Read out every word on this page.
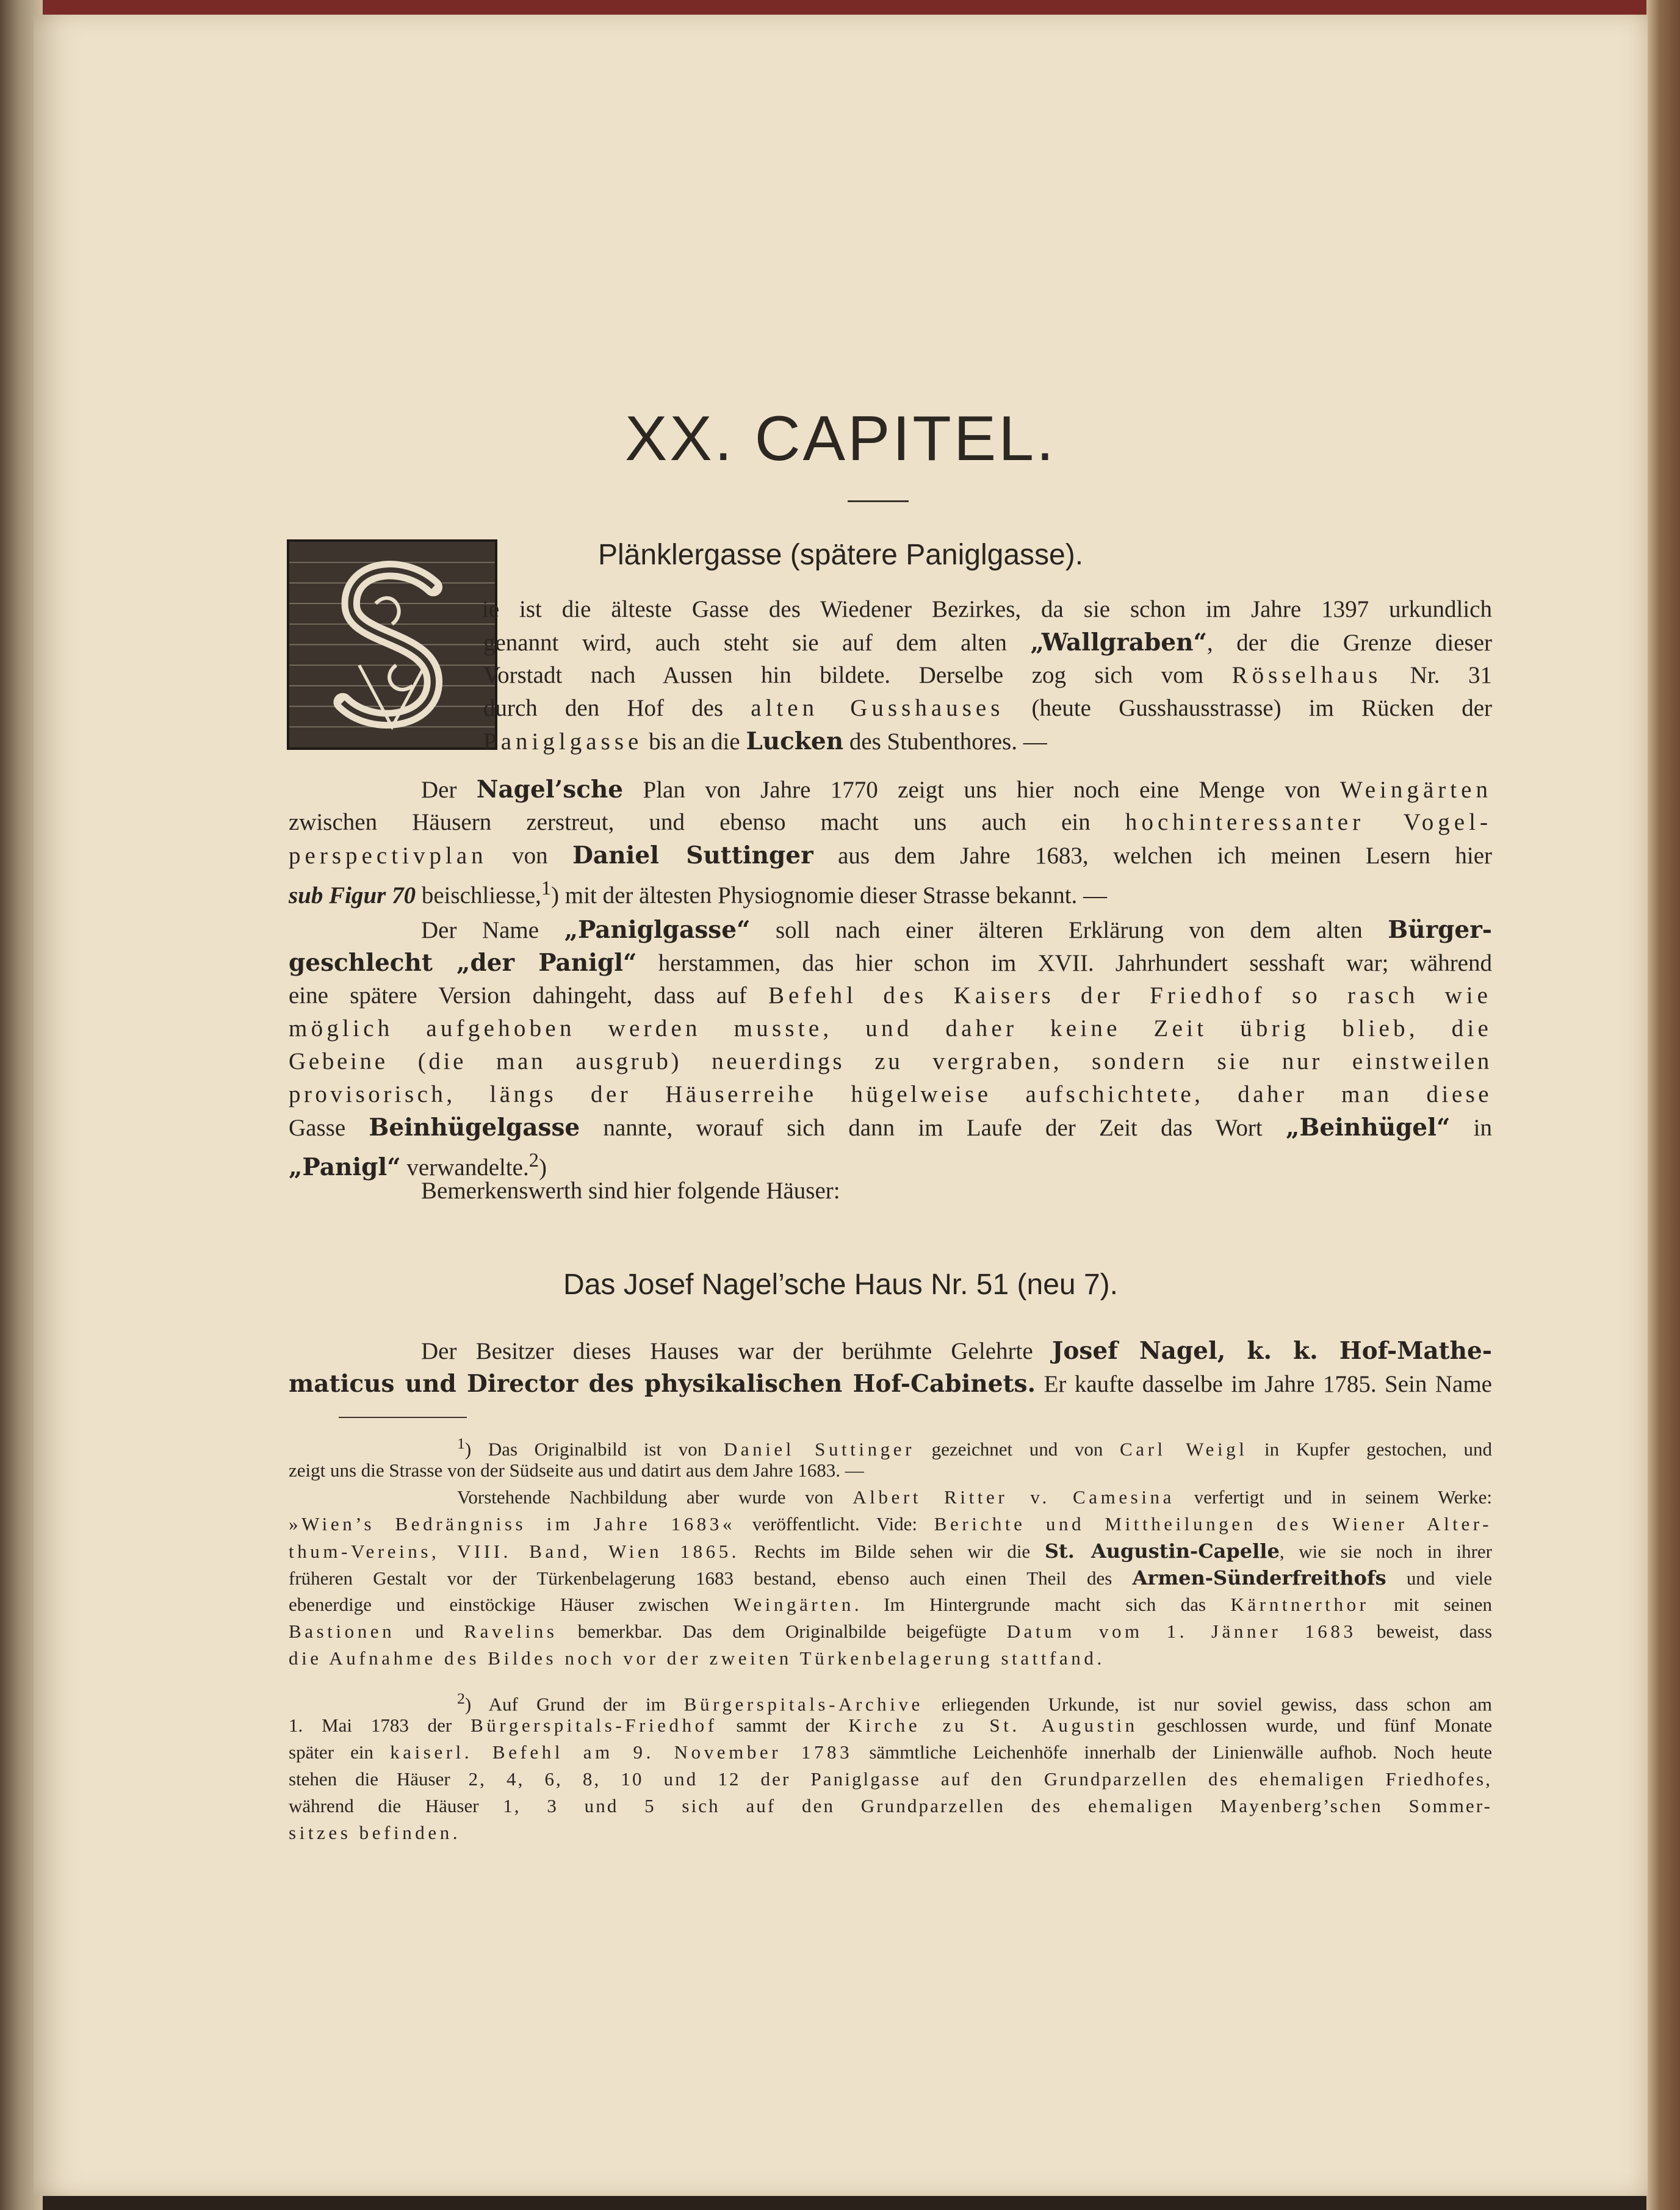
XX. CAPITEL.
Plänklergasse (spätere Paniglgasse).
ie ist die älteste Gasse des Wiedener Bezirkes, da sie schon im Jahre 1397 urkundlich
genannt wird, auch steht sie auf dem alten „Wallgraben“, der die Grenze dieser
Vorstadt nach Aussen hin bildete. Derselbe zog sich vom Rösselhaus Nr. 31
durch den Hof des alten Gusshauses (heute Gusshausstrasse) im Rücken der
Paniglgasse bis an die Lucken des Stubenthores. —
Der Nagel’sche Plan von Jahre 1770 zeigt uns hier noch eine Menge von Weingärten
zwischen Häusern zerstreut, und ebenso macht uns auch ein hochinteressanter Vogel-
perspectivplan von Daniel Suttinger aus dem Jahre 1683, welchen ich meinen Lesern hier
sub Figur 70 beischliesse,$^1$) mit der ältesten Physiognomie dieser Strasse bekannt. —
Der Name „Paniglgasse“ soll nach einer älteren Erklärung von dem alten Bürger-
geschlecht „der Panigl“ herstammen, das hier schon im XVII. Jahrhundert sesshaft war; während
eine spätere Version dahingeht, dass auf Befehl des Kaisers der Friedhof so rasch wie
möglich aufgehoben werden musste, und daher keine Zeit übrig blieb, die
Gebeine (die man ausgrub) neuerdings zu vergraben, sondern sie nur einstweilen
provisorisch, längs der Häuserreihe hügelweise aufschichtete, daher man diese
Gasse Beinhügelgasse nannte, worauf sich dann im Laufe der Zeit das Wort „Beinhügel“ in
„Panigl“ verwandelte.$^2$)
Bemerkenswerth sind hier folgende Häuser:
Das Josef Nagel’sche Haus Nr. 51 (neu 7).
Der Besitzer dieses Hauses war der berühmte Gelehrte Josef Nagel, k. k. Hof-Mathe-
maticus und Director des physikalischen Hof-Cabinets. Er kaufte dasselbe im Jahre 1785. Sein Name
$^1$) Das Originalbild ist von Daniel Suttinger gezeichnet und von Carl Weigl in Kupfer gestochen, und
zeigt uns die Strasse von der Südseite aus und datirt aus dem Jahre 1683. —
Vorstehende Nachbildung aber wurde von Albert Ritter v. Camesina verfertigt und in seinem Werke:
»Wien’s Bedrängniss im Jahre 1683« veröffentlicht. Vide: Berichte und Mittheilungen des Wiener Alter-
thum-Vereins, VIII. Band, Wien 1865. Rechts im Bilde sehen wir die St. Augustin-Capelle, wie sie noch in ihrer
früheren Gestalt vor der Türkenbelagerung 1683 bestand, ebenso auch einen Theil des Armen-Sünderfreithofs und viele
ebenerdige und einstöckige Häuser zwischen Weingärten. Im Hintergrunde macht sich das Kärntnerthor mit seinen
Bastionen und Ravelins bemerkbar. Das dem Originalbilde beigefügte Datum vom 1. Jänner 1683 beweist, dass
die Aufnahme des Bildes noch vor der zweiten Türkenbelagerung stattfand.
$^2$) Auf Grund der im Bürgerspitals-Archive erliegenden Urkunde, ist nur soviel gewiss, dass schon am
1. Mai 1783 der Bürgerspitals-Friedhof sammt der Kirche zu St. Augustin geschlossen wurde, und fünf Monate
später ein kaiserl. Befehl am 9. November 1783 sämmtliche Leichenhöfe innerhalb der Linienwälle aufhob. Noch heute
stehen die Häuser 2, 4, 6, 8, 10 und 12 der Paniglgasse auf den Grundparzellen des ehemaligen Friedhofes,
während die Häuser 1, 3 und 5 sich auf den Grundparzellen des ehemaligen Mayenberg’schen Sommer-
sitzes befinden.
